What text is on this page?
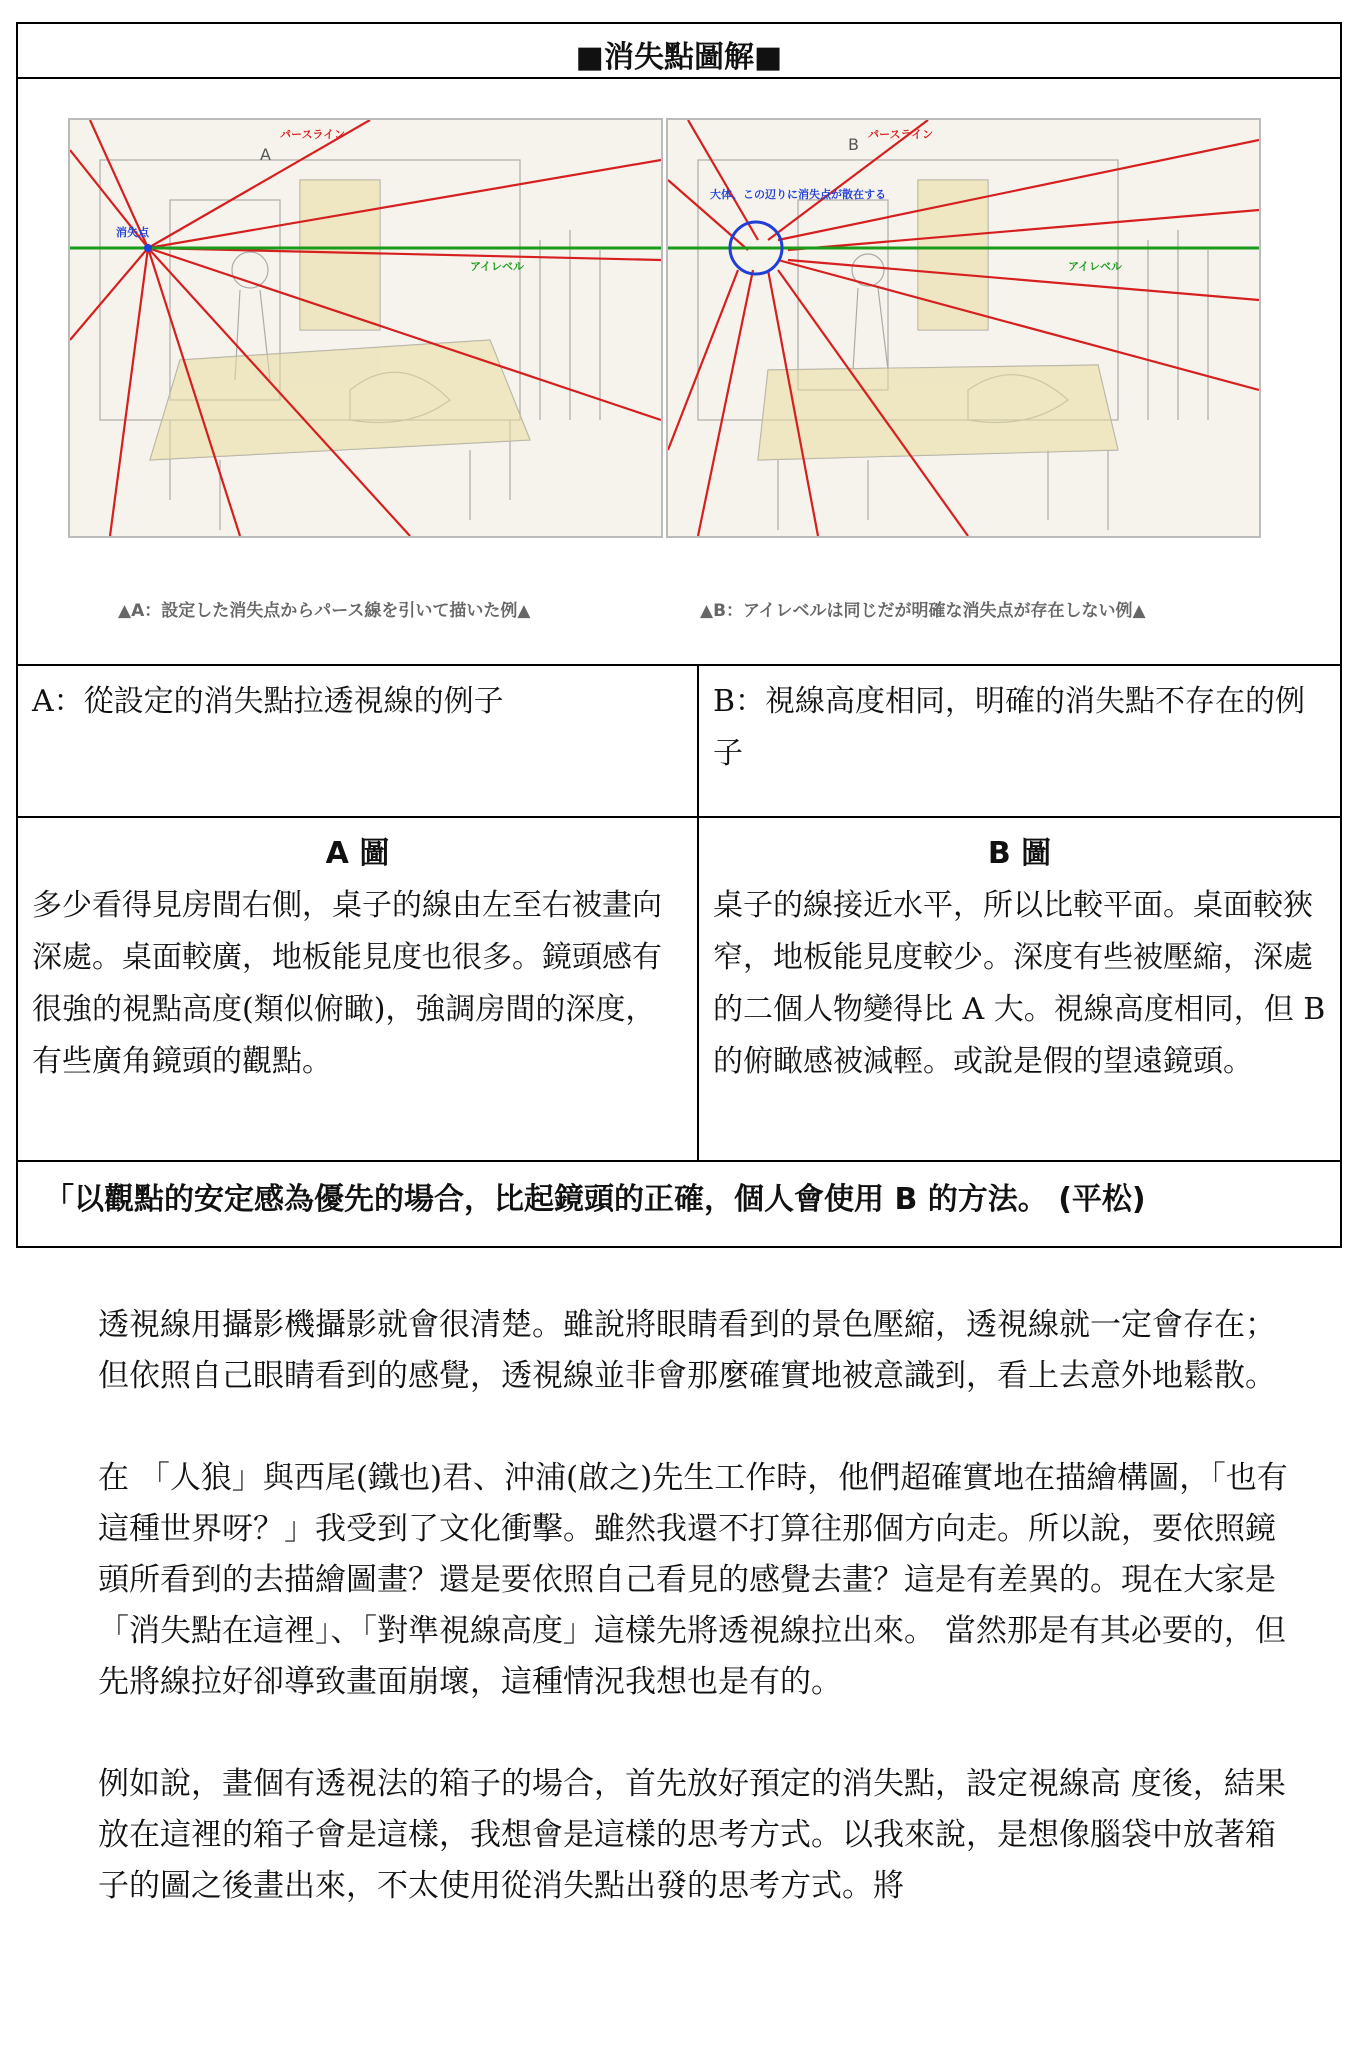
■消失點圖解■
A：從設定的消失點拉透視線的例子	B：視線高度相同，明確的消失點不存在的例子
A 圖
多少看得見房間右側，桌子的線由左至右被畫向深處。桌面較廣，地板能見度也很多。鏡頭感有很強的視點高度(類似俯瞰)，強調房間的深度，有些廣角鏡頭的觀點。
B 圖
桌子的線接近水平，所以比較平面。桌面較狹窄，地板能見度較少。深度有些被壓縮，深處的二個人物變得比 A 大。視線高度相同，但 B 的俯瞰感被減輕。或說是假的望遠鏡頭。
「以觀點的安定感為優先的場合，比起鏡頭的正確，個人會使用 B 的方法。 (平松)
消失点
パースライン
A
アイレベル
大体、この辺りに消失点が散在する
パースライン
B
アイレベル
▲A：設定した消失点からパース線を引いて描いた例▲	▲B：アイレベルは同じだが明確な消失点が存在しない例▲

透視線用攝影機攝影就會很清楚。雖說將眼睛看到的景色壓縮，透視線就一定會存在；但依照自己眼睛看到的感覺，透視線並非會那麼確實地被意識到，看上去意外地鬆散。

在 「人狼」與西尾(鐵也)君、沖浦(啟之)先生工作時，他們超確實地在描繪構圖，「也有這種世界呀？」我受到了文化衝擊。雖然我還不打算往那個方向走。所以說，要依照鏡頭所看到的去描繪圖畫？還是要依照自己看見的感覺去畫？這是有差異的。現在大家是「消失點在這裡」、「對準視線高度」這樣先將透視線拉出來。 當然那是有其必要的，但先將線拉好卻導致畫面崩壞，這種情況我想也是有的。

例如說，畫個有透視法的箱子的場合，首先放好預定的消失點，設定視線高 度後，結果放在這裡的箱子會是這樣，我想會是這樣的思考方式。以我來說，是想像腦袋中放著箱子的圖之後畫出來，不太使用從消失點出發的思考方式。將
